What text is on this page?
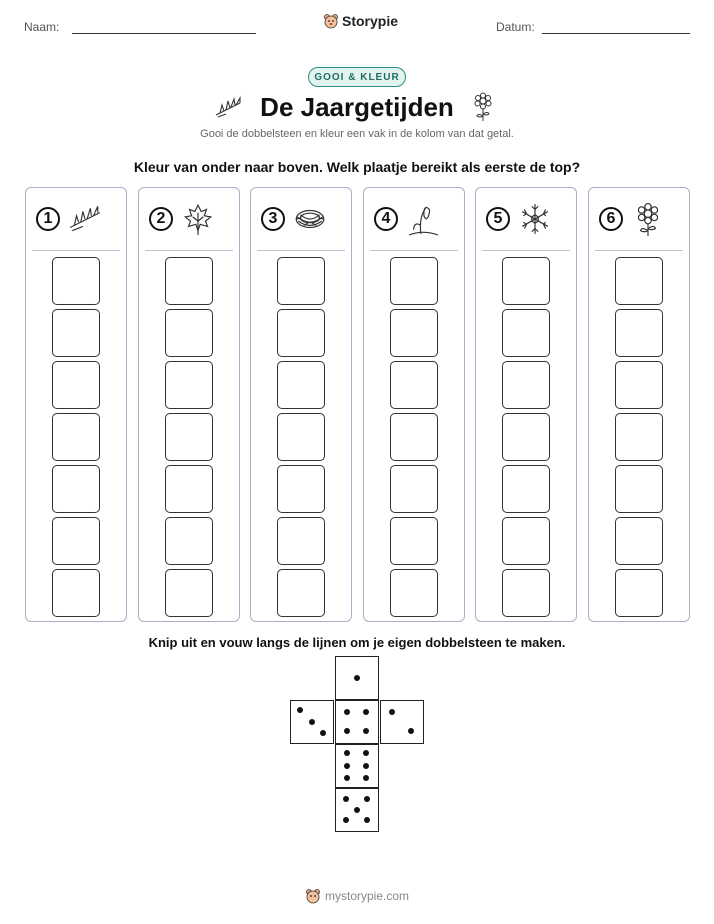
Naam:	Storypie	Datum:
GOOI & KLEUR
De Jaargetijden
Gooi de dobbelsteen en kleur een vak in de kolom van dat getal.
Kleur van onder naar boven. Welk plaatje bereikt als eerste de top?
1	2	3	4	5	6
Knip uit en vouw langs de lijnen om je eigen dobbelsteen te maken.
mystorypie.com
